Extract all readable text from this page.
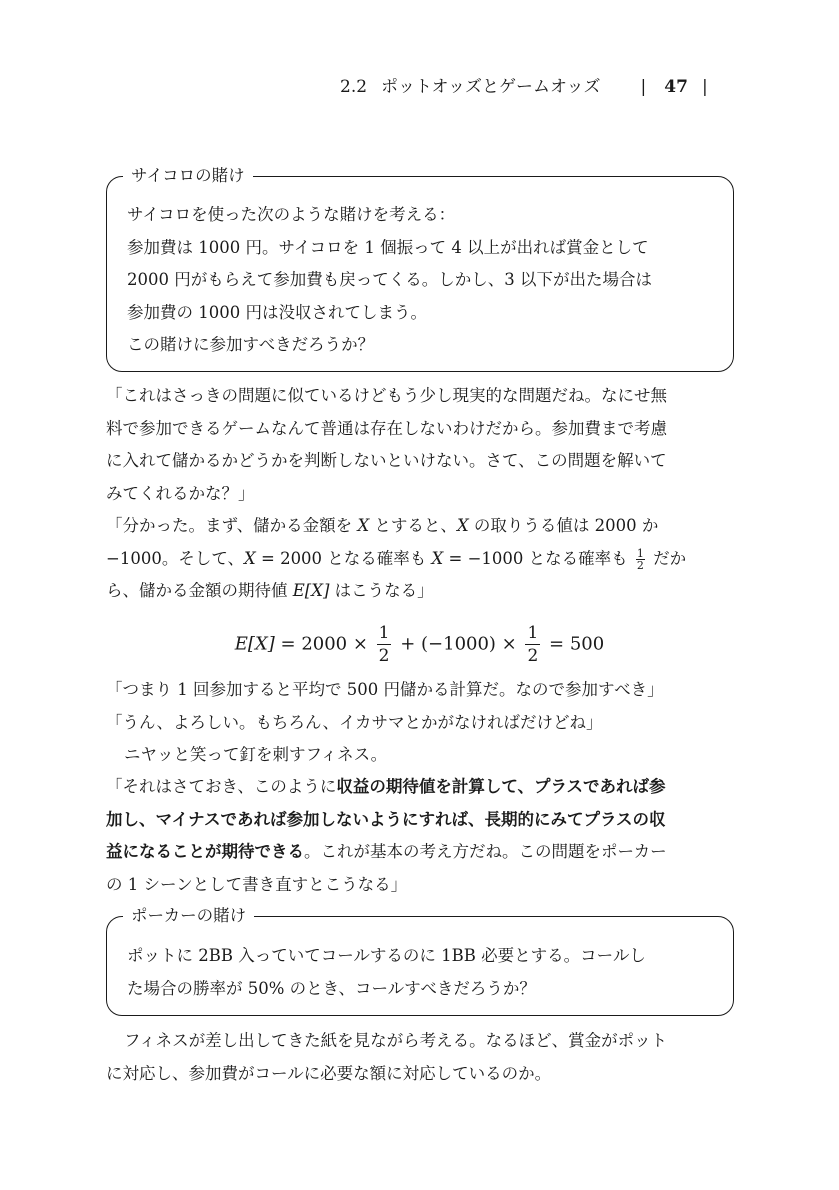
2.2 ポットオッズとゲームオッズ | 47 |
サイコロの賭け
サイコロを使った次のような賭けを考える：
参加費は 1000 円。サイコロを 1 個振って 4 以上が出れば賞金として
2000 円がもらえて参加費も戻ってくる。しかし、3 以下が出た場合は
参加費の 1000 円は没収されてしまう。
この賭けに参加すべきだろうか？
「これはさっきの問題に似ているけどもう少し現実的な問題だね。なにせ無
料で参加できるゲームなんて普通は存在しないわけだから。参加費まで考慮
に入れて儲かるかどうかを判断しないといけない。さて、この問題を解いて
みてくれるかな？」
「分かった。まず、儲かる金額を X とすると、X の取りうる値は 2000 か
−1000。そして、X = 2000 となる確率も X = −1000 となる確率も $\frac{1}{2}$ だか
ら、儲かる金額の期待値 E[X] はこうなる」
$E[X] = 2000 \times \frac{1}{2} + (-1000) \times \frac{1}{2} = 500$
「つまり 1 回参加すると平均で 500 円儲かる計算だ。なので参加すべき」
「うん、よろしい。もちろん、イカサマとかがなければだけどね」
ニヤッと笑って釘を刺すフィネス。
「それはさておき、このように収益の期待値を計算して、プラスであれば参
加し、マイナスであれば参加しないようにすれば、長期的にみてプラスの収
益になることが期待できる。これが基本の考え方だね。この問題をポーカー
の 1 シーンとして書き直すとこうなる」
ポーカーの賭け
ポットに 2BB 入っていてコールするのに 1BB 必要とする。コールし
た場合の勝率が 50% のとき、コールすべきだろうか？
フィネスが差し出してきた紙を見ながら考える。なるほど、賞金がポット
に対応し、参加費がコールに必要な額に対応しているのか。
